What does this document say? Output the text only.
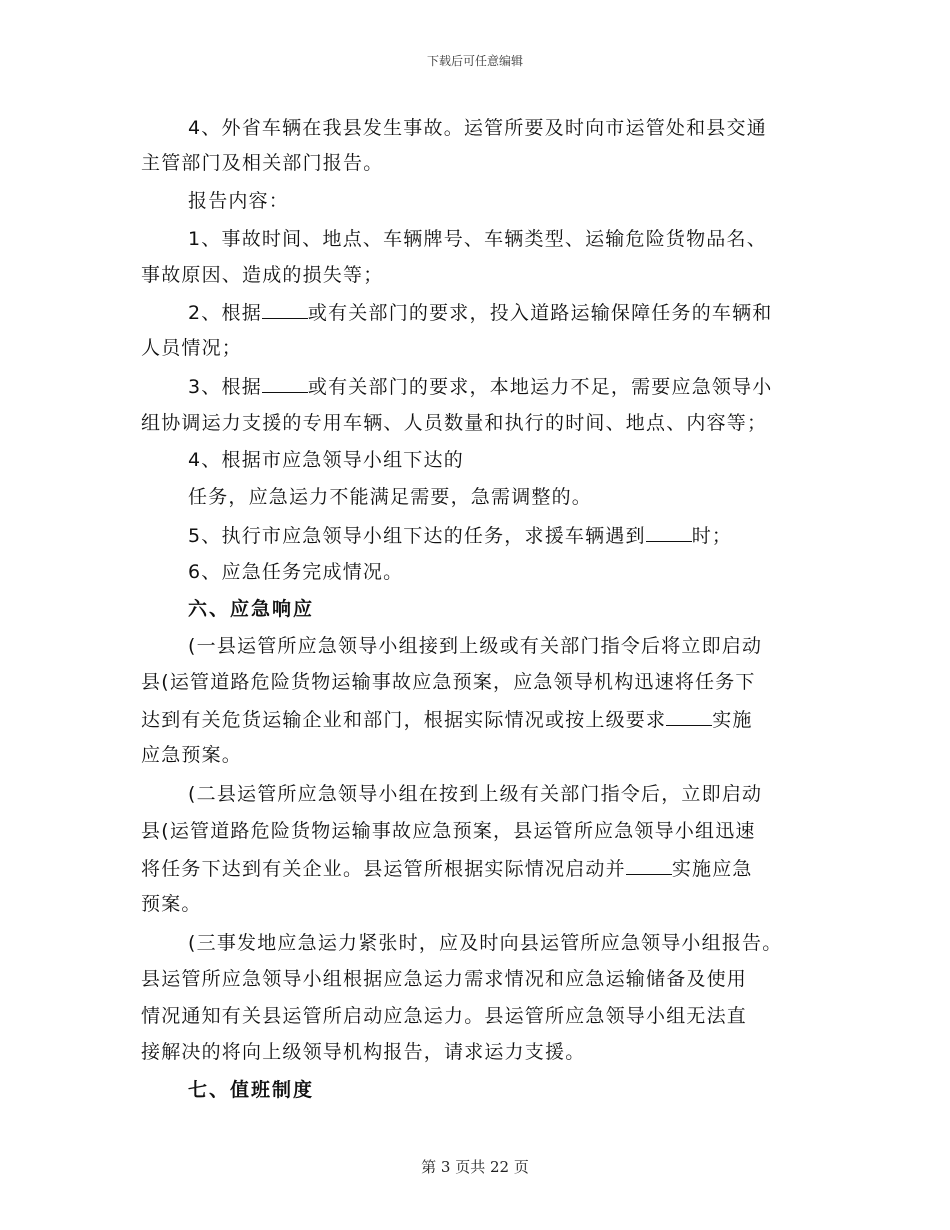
下载后可任意编辑
4、外省车辆在我县发生事故。运管所要及时向市运管处和县交通
主管部门及相关部门报告。
报告内容：
1、事故时间、地点、车辆牌号、车辆类型、运输危险货物品名、
事故原因、造成的损失等；
2、根据 或有关部门的要求，投入道路运输保障任务的车辆和
人员情况；
3、根据 或有关部门的要求，本地运力不足，需要应急领导小
组协调运力支援的专用车辆、人员数量和执行的时间、地点、内容等；
4、根据市应急领导小组下达的
任务，应急运力不能满足需要，急需调整的。
5、执行市应急领导小组下达的任务，求援车辆遇到 时；
6、应急任务完成情况。
六、应急响应
(一县运管所应急领导小组接到上级或有关部门指令后将立即启动
县(运管道路危险货物运输事故应急预案，应急领导机构迅速将任务下
达到有关危货运输企业和部门，根据实际情况或按上级要求 实施
应急预案。
(二县运管所应急领导小组在按到上级有关部门指令后，立即启动
县(运管道路危险货物运输事故应急预案，县运管所应急领导小组迅速
将任务下达到有关企业。县运管所根据实际情况启动并 实施应急
预案。
(三事发地应急运力紧张时，应及时向县运管所应急领导小组报告。
县运管所应急领导小组根据应急运力需求情况和应急运输储备及使用
情况通知有关县运管所启动应急运力。县运管所应急领导小组无法直
接解决的将向上级领导机构报告，请求运力支援。
七、值班制度
第 3 页共 22 页
